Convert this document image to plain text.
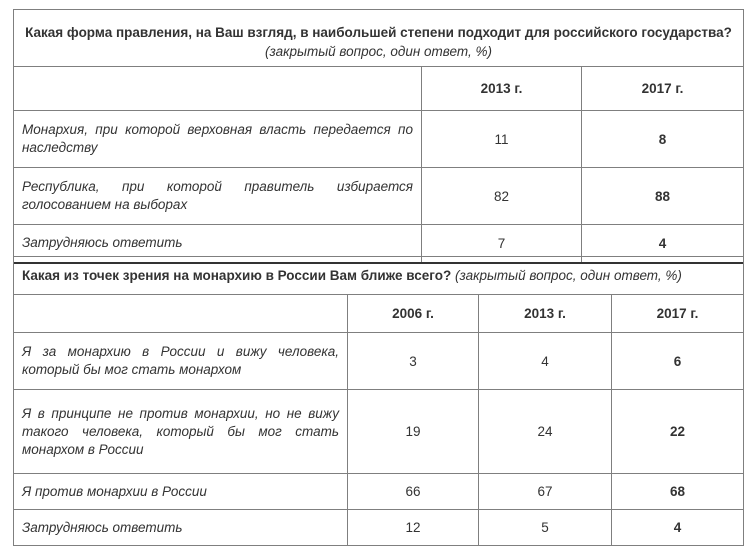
Какая форма правления, на Ваш взгляд, в наибольшей степени подходит для российского государства? (закрытый вопрос, один ответ, %)		
	2013 г.	2017 г.
Монархия, при которой верховная власть передается по наследству	11	8
Республика, при которой правитель избирается голосованием на выборах	82	88
Затрудняюсь ответить	7	4
Какая из точек зрения на монархию в России Вам ближе всего? (закрытый вопрос, один ответ, %)			
	2006 г.	2013 г.	2017 г.
Я за монархию в России и вижу человека, который бы мог стать монархом	3	4	6
Я в принципе не против монархии, но не вижу такого человека, который бы мог стать монархом в России	19	24	22
Я против монархии в России	66	67	68
Затрудняюсь ответить	12	5	4
